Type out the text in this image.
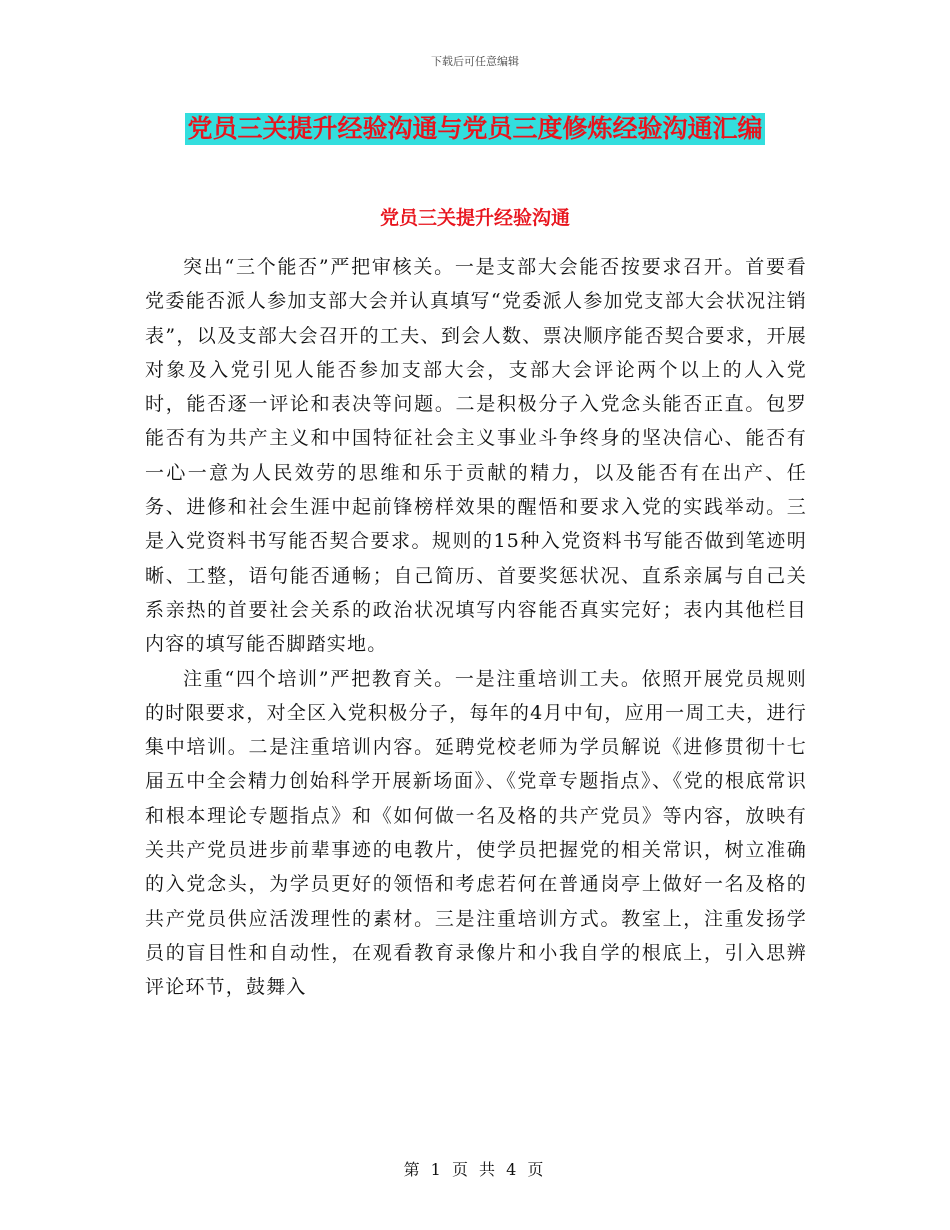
下载后可任意编辑
党员三关提升经验沟通与党员三度修炼经验沟通汇编
党员三关提升经验沟通

突出“三个能否”严把审核关。一是支部大会能否按要求召开。首要看党委能否派人参加支部大会并认真填写“党委派人参加党支部大会状况注销表”，以及支部大会召开的工夫、到会人数、票决顺序能否契合要求，开展对象及入党引见人能否参加支部大会，支部大会评论两个以上的人入党时，能否逐一评论和表决等问题。二是积极分子入党念头能否正直。包罗能否有为共产主义和中国特征社会主义事业斗争终身的坚决信心、能否有一心一意为人民效劳的思维和乐于贡献的精力，以及能否有在出产、任务、进修和社会生涯中起前锋榜样效果的醒悟和要求入党的实践举动。三是入党资料书写能否契合要求。规则的15种入党资料书写能否做到笔迹明晰、工整，语句能否通畅；自己简历、首要奖惩状况、直系亲属与自己关系亲热的首要社会关系的政治状况填写内容能否真实完好；表内其他栏目内容的填写能否脚踏实地。

注重“四个培训”严把教育关。一是注重培训工夫。依照开展党员规则的时限要求，对全区入党积极分子，每年的4月中旬，应用一周工夫，进行集中培训。二是注重培训内容。延聘党校老师为学员解说《进修贯彻十七届五中全会精力创始科学开展新场面》、《党章专题指点》、《党的根底常识和根本理论专题指点》和《如何做一名及格的共产党员》等内容，放映有关共产党员进步前辈事迹的电教片，使学员把握党的相关常识，树立准确的入党念头，为学员更好的领悟和考虑若何在普通岗亭上做好一名及格的共产党员供应活泼理性的素材。三是注重培训方式。教室上，注重发扬学员的盲目性和自动性，在观看教育录像片和小我自学的根底上，引入思辨评论环节，鼓舞入

第 1 页 共 4 页
